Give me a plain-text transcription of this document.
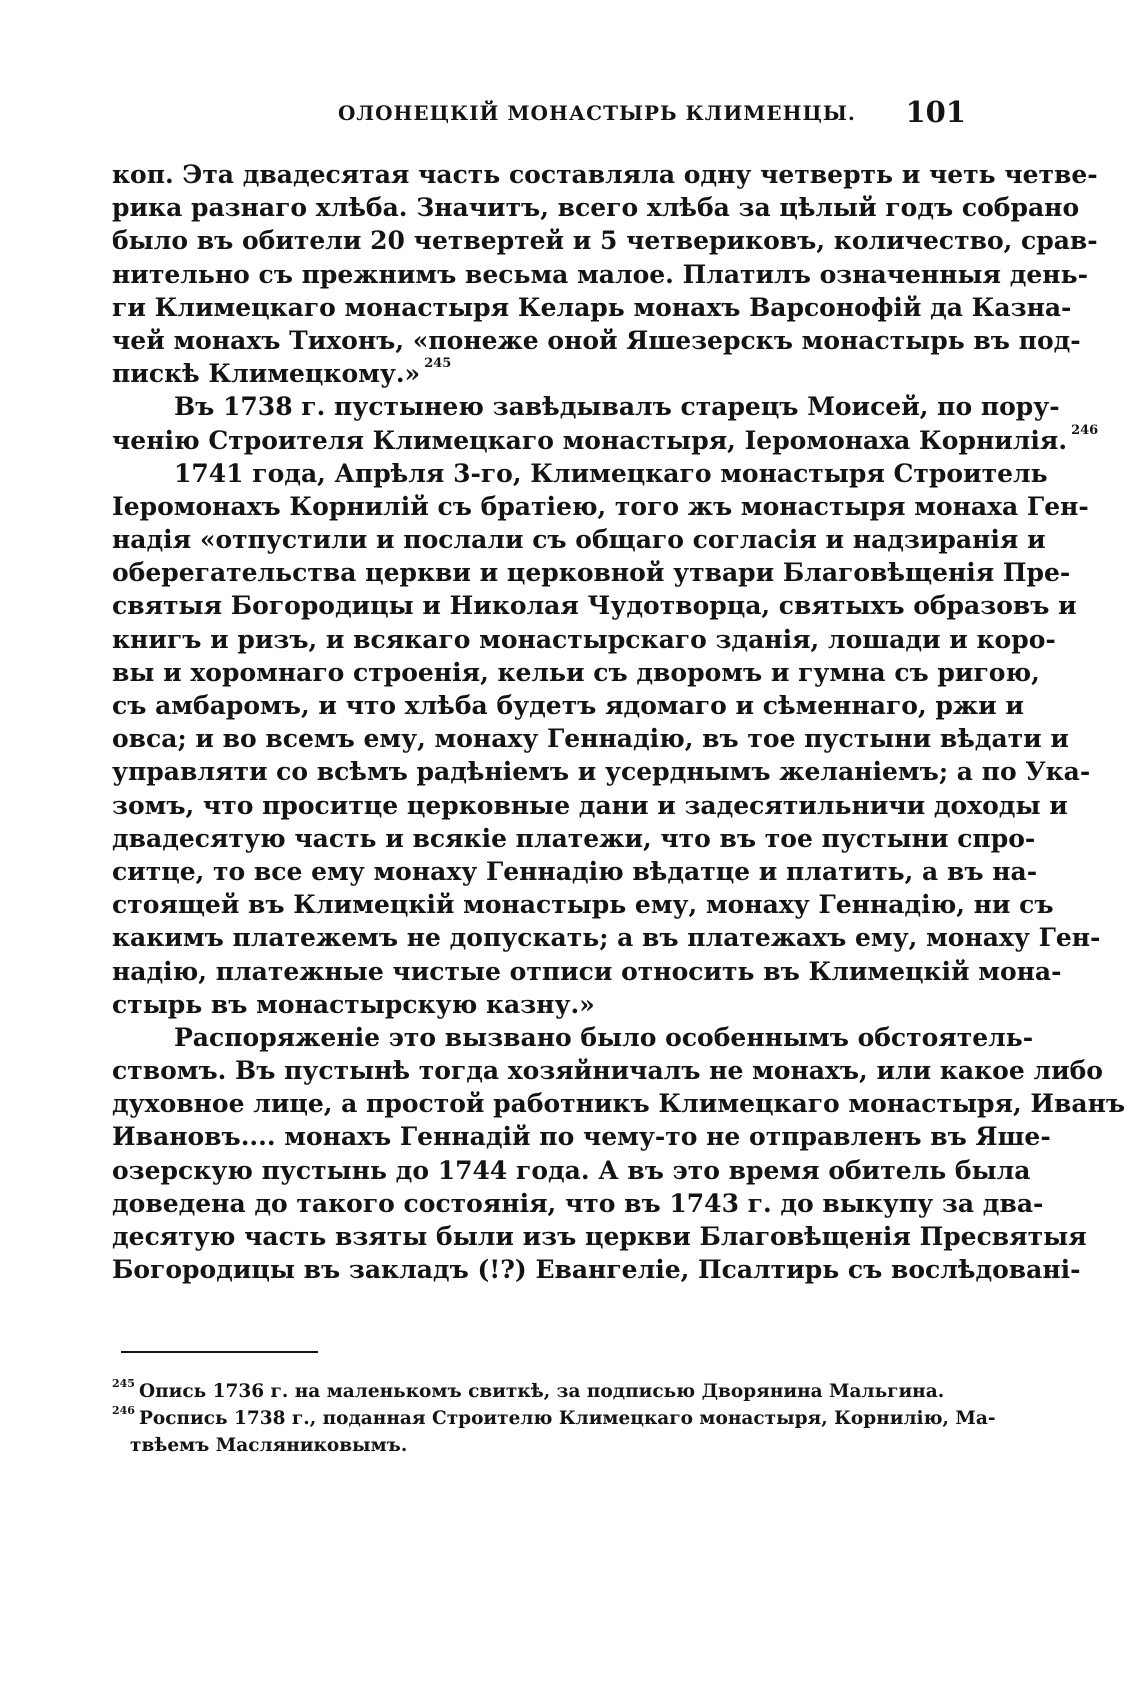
ОЛОНЕЦКІЙ МОНАСТЫРЬ КЛИМЕНЦЫ. 101
коп. Эта двадесятая часть составляла одну четверть и четь четве-
рика разнаго хлѣба. Значитъ, всего хлѣба за цѣлый годъ собрано
было въ обители 20 четвертей и 5 четвериковъ, количество, срав-
нительно съ прежнимъ весьма малое. Платилъ означенныя день-
ги Климецкаго монастыря Келарь монахъ Варсонофій да Казна-
чей монахъ Тихонъ, «понеже оной Яшезерскъ монастырь въ под-
пискѣ Климецкому.» $^{245}$
Въ 1738 г. пустынею завѣдывалъ старецъ Моисей, по пору-
ченію Строителя Климецкаго монастыря, Іеромонаха Корнилія. $^{246}$
1741 года, Апрѣля 3-го, Климецкаго монастыря Строитель
Іеромонахъ Корнилій съ братіею, того жъ монастыря монаха Ген-
надія «отпустили и послали съ общаго согласія и надзиранія и
оберегательства церкви и церковной утвари Благовѣщенія Пре-
святыя Богородицы и Николая Чудотворца, святыхъ образовъ и
книгъ и ризъ, и всякаго монастырскаго зданія, лошади и коро-
вы и хоромнаго строенія, кельи съ дворомъ и гумна съ ригою,
съ амбаромъ, и что хлѣба будетъ ядомаго и сѣменнаго, ржи и
овса; и во всемъ ему, монаху Геннадію, въ тое пустыни вѣдати и
управляти со всѣмъ радѣніемъ и усерднымъ желаніемъ; а по Ука-
зомъ, что проситце церковные дани и задесятильничи доходы и
двадесятую часть и всякіе платежи, что въ тое пустыни спро-
ситце, то все ему монаху Геннадію вѣдатце и платить, а въ на-
стоящей въ Климецкій монастырь ему, монаху Геннадію, ни съ
какимъ платежемъ не допускать; а въ платежахъ ему, монаху Ген-
надію, платежные чистые отписи относить въ Климецкій мона-
стырь въ монастырскую казну.»
Распоряженіе это вызвано было особеннымъ обстоятель-
ствомъ. Въ пустынѣ тогда хозяйничалъ не монахъ, или какое либо
духовное лице, а простой работникъ Климецкаго монастыря, Иванъ
Ивановъ.... монахъ Геннадій по чему-то не отправленъ въ Яше-
озерскую пустынь до 1744 года. А въ это время обитель была
доведена до такого состоянія, что въ 1743 г. до выкупу за два-
десятую часть взяты были изъ церкви Благовѣщенія Пресвятыя
Богородицы въ закладъ (!?) Евангеліе, Псалтирь съ вослѣдовані-
$^{245}$ Опись 1736 г. на маленькомъ свиткѣ, за подписью Дворянина Мальгина.
$^{246}$ Роспись 1738 г., поданная Строителю Климецкаго монастыря, Корнилію, Ма-
твѣемъ Масляниковымъ.
